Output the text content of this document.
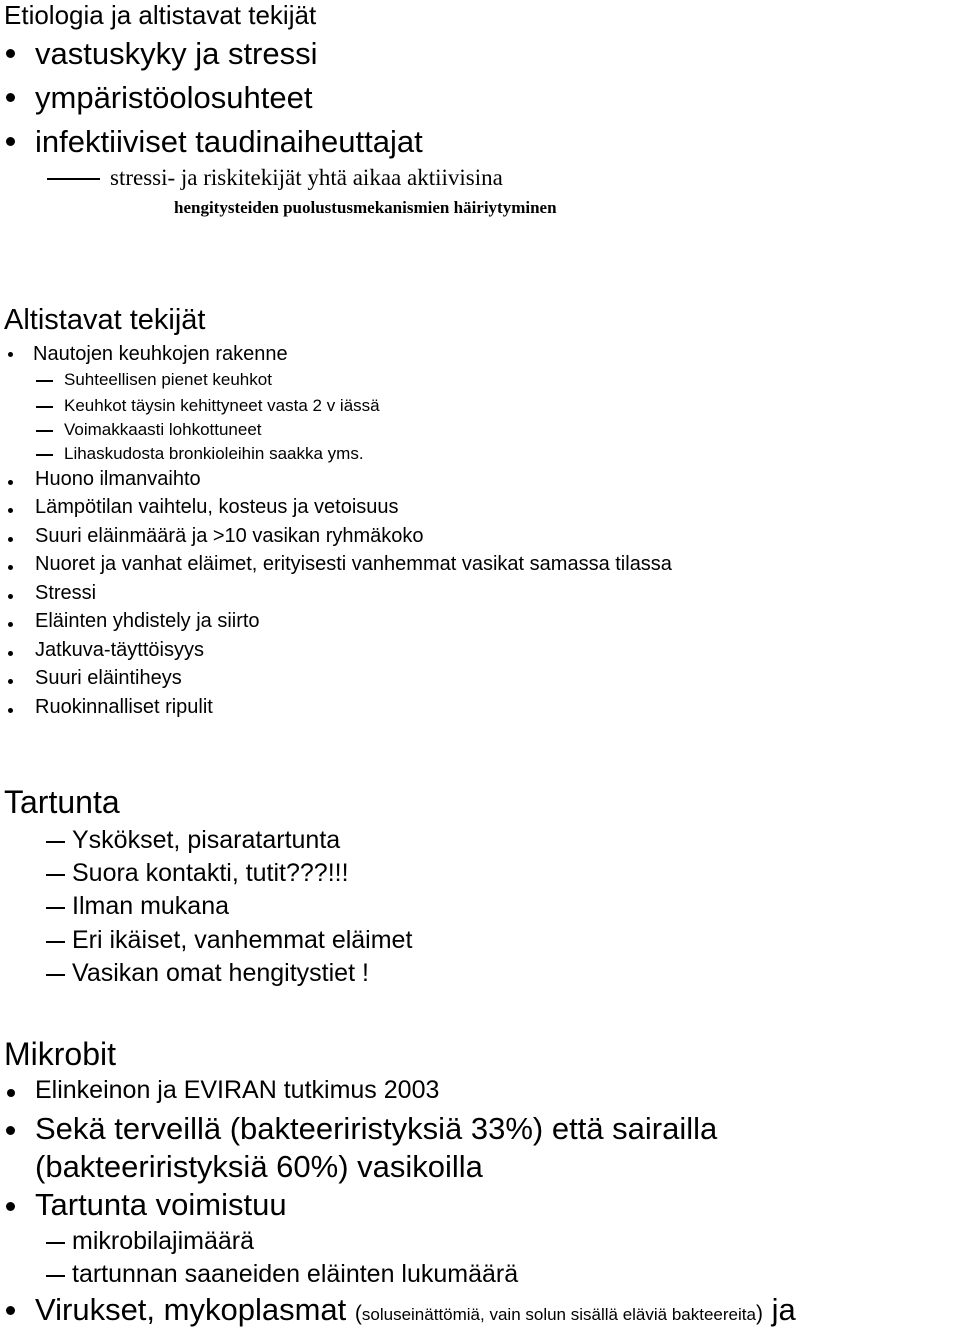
Etiologia ja altistavat tekijät
vastuskyky ja stressi
ympäristöolosuhteet
infektiiviset taudinaiheuttajat
stressi- ja riskitekijät yhtä aikaa aktiivisina
hengitysteiden puolustusmekanismien häiriytyminen
Altistavat tekijät
Nautojen keuhkojen rakenne
Suhteellisen pienet keuhkot
Keuhkot täysin kehittyneet vasta 2 v iässä
Voimakkaasti lohkottuneet
Lihaskudosta bronkioleihin saakka yms.
Huono ilmanvaihto
Lämpötilan vaihtelu, kosteus ja vetoisuus
Suuri eläinmäärä ja >10 vasikan ryhmäkoko
Nuoret ja vanhat eläimet, erityisesti vanhemmat vasikat samassa tilassa
Stressi
Eläinten yhdistely ja siirto
Jatkuva-täyttöisyys
Suuri eläintiheys
Ruokinnalliset ripulit
Tartunta
Yskökset, pisaratartunta
Suora kontakti, tutit???!!!
Ilman mukana
Eri ikäiset, vanhemmat eläimet
Vasikan omat hengitystiet !
Mikrobit
Elinkeinon ja EVIRAN tutkimus 2003
Sekä terveillä (bakteeriristyksiä 33%) että sairailla
(bakteeriristyksiä 60%) vasikoilla
Tartunta voimistuu
mikrobilajimäärä
tartunnan saaneiden eläinten lukumäärä
Virukset, mykoplasmat (soluseinättömiä, vain solun sisällä eläviä bakteereita) ja
